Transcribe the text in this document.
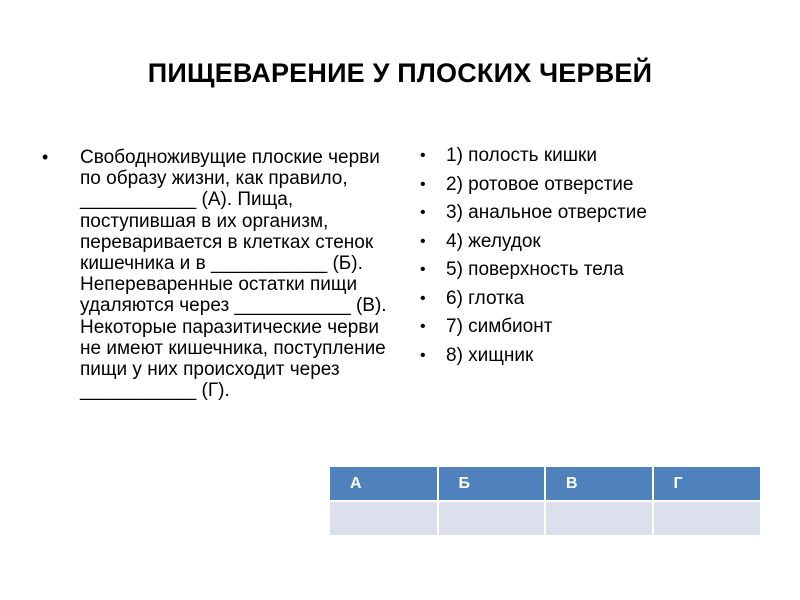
ПИЩЕВАРЕНИЕ У ПЛОСКИХ ЧЕРВЕЙ
•	Свободноживущие плоские черви по образу жизни, как правило, ___________ (А). Пища, поступившая в их организм, переваривается в клетках стенок кишечника и в ___________ (Б). Непереваренные остатки пищи удаляются через ___________ (В). Некоторые паразитические черви не имеют кишечника, поступление пищи у них происходит через ___________ (Г).
•	1) полость кишки
•	2) ротовое отверстие
•	3) анальное отверстие
•	4) желудок
•	5) поверхность тела
•	6) глотка
•	7) симбионт
•	8) хищник
А	Б	В	Г
